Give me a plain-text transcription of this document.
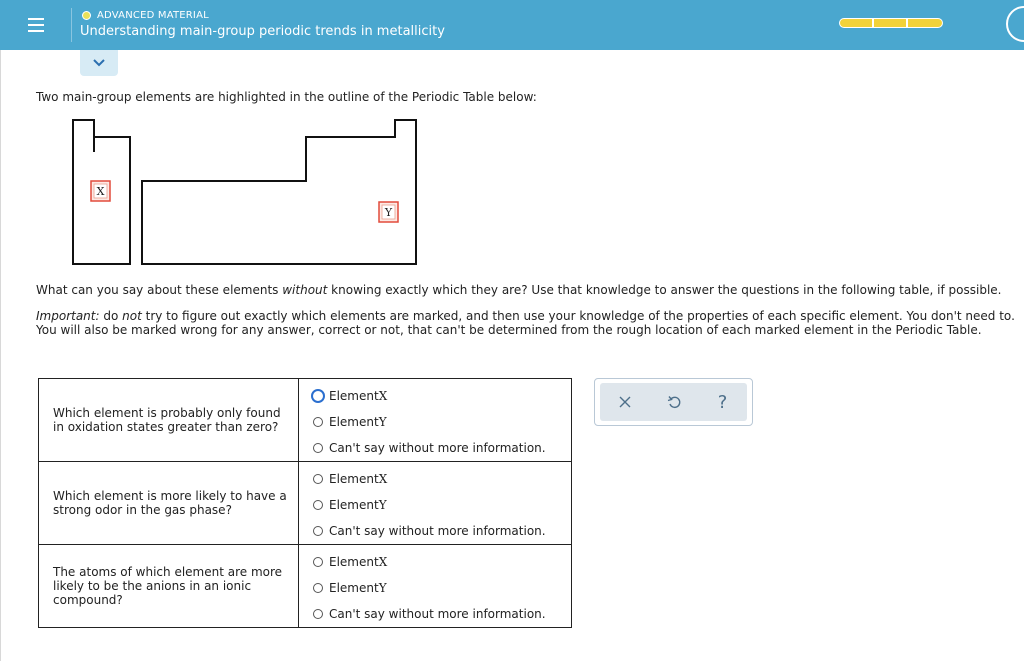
ADVANCED MATERIAL
Understanding main-group periodic trends in metallicity
Two main-group elements are highlighted in the outline of the Periodic Table below:
X
Y
What can you say about these elements without knowing exactly which they are? Use that knowledge to answer the questions in the following table, if possible.
Important: do not try to figure out exactly which elements are marked, and then use your knowledge of the properties of each specific element. You don't need to. You will also be marked wrong for any answer, correct or not, that can't be determined from the rough location of each marked element in the Periodic Table.
Which element is probably only found in oxidation states greater than zero?	Element X
Element Y
Can't say without more information.

Which element is more likely to have a strong odor in the gas phase?	Element X
Element Y
Can't say without more information.

The atoms of which element are more likely to be the anions in an ionic compound?	Element X
Element Y
Can't say without more information.
?
